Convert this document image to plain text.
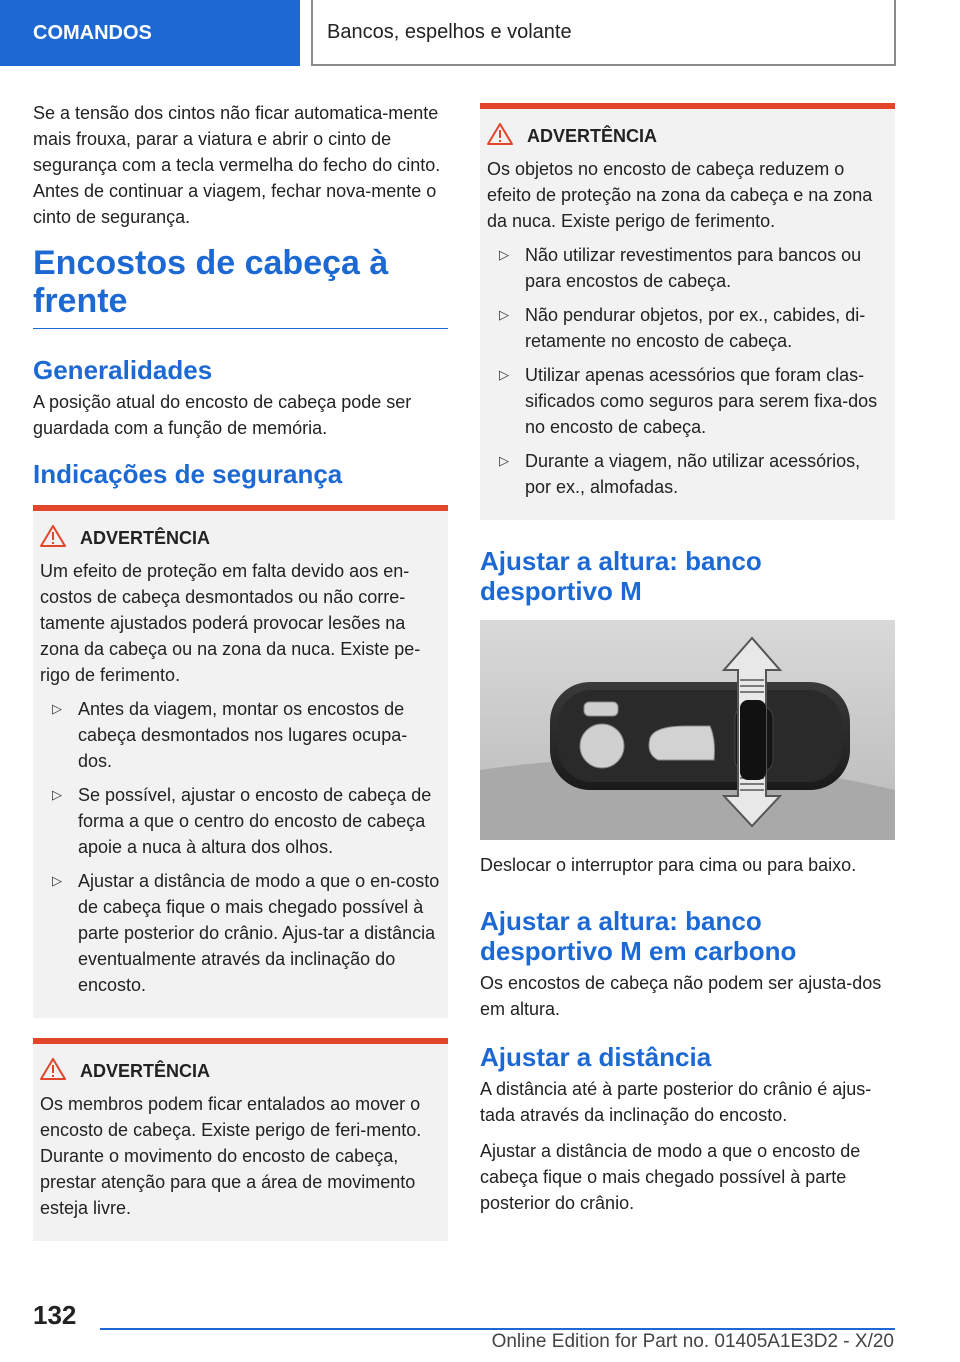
COMANDOS	Bancos, espelhos e volante

Se a tensão dos cintos não ficar automatica-mente mais frouxa, parar a viatura e abrir o cinto de segurança com a tecla vermelha do fecho do cinto. Antes de continuar a viagem, fechar nova-mente o cinto de segurança.

Encostos de cabeça à frente
Generalidades

A posição atual do encosto de cabeça pode ser guardada com a função de memória.

Indicações de segurança
ADVERTÊNCIA

Um efeito de proteção em falta devido aos en-costos de cabeça desmontados ou não corre-tamente ajustados poderá provocar lesões na zona da cabeça ou na zona da nuca. Existe pe-rigo de ferimento.

▷ Antes da viagem, montar os encostos de cabeça desmontados nos lugares ocupa-dos.
▷ Se possível, ajustar o encosto de cabeça de forma a que o centro do encosto de cabeça apoie a nuca à altura dos olhos.
▷ Ajustar a distância de modo a que o en-costo de cabeça fique o mais chegado possível à parte posterior do crânio. Ajus-tar a distância eventualmente através da inclinação do encosto.
ADVERTÊNCIA

Os membros podem ficar entalados ao mover o encosto de cabeça. Existe perigo de feri-mento. Durante o movimento do encosto de cabeça, prestar atenção para que a área de movimento esteja livre.

ADVERTÊNCIA

Os objetos no encosto de cabeça reduzem o efeito de proteção na zona da cabeça e na zona da nuca. Existe perigo de ferimento.

▷ Não utilizar revestimentos para bancos ou para encostos de cabeça.
▷ Não pendurar objetos, por ex., cabides, di-retamente no encosto de cabeça.
▷ Utilizar apenas acessórios que foram clas-sificados como seguros para serem fixa-dos no encosto de cabeça.
▷ Durante a viagem, não utilizar acessórios, por ex., almofadas.
Ajustar a altura: banco desportivo M

Deslocar o interruptor para cima ou para baixo.

Ajustar a altura: banco desportivo M em carbono

Os encostos de cabeça não podem ser ajusta-dos em altura.

Ajustar a distância

A distância até à parte posterior do crânio é ajus-tada através da inclinação do encosto.

Ajustar a distância de modo a que o encosto de cabeça fique o mais chegado possível à parte posterior do crânio.

132
Online Edition for Part no. 01405A1E3D2 - X/20
